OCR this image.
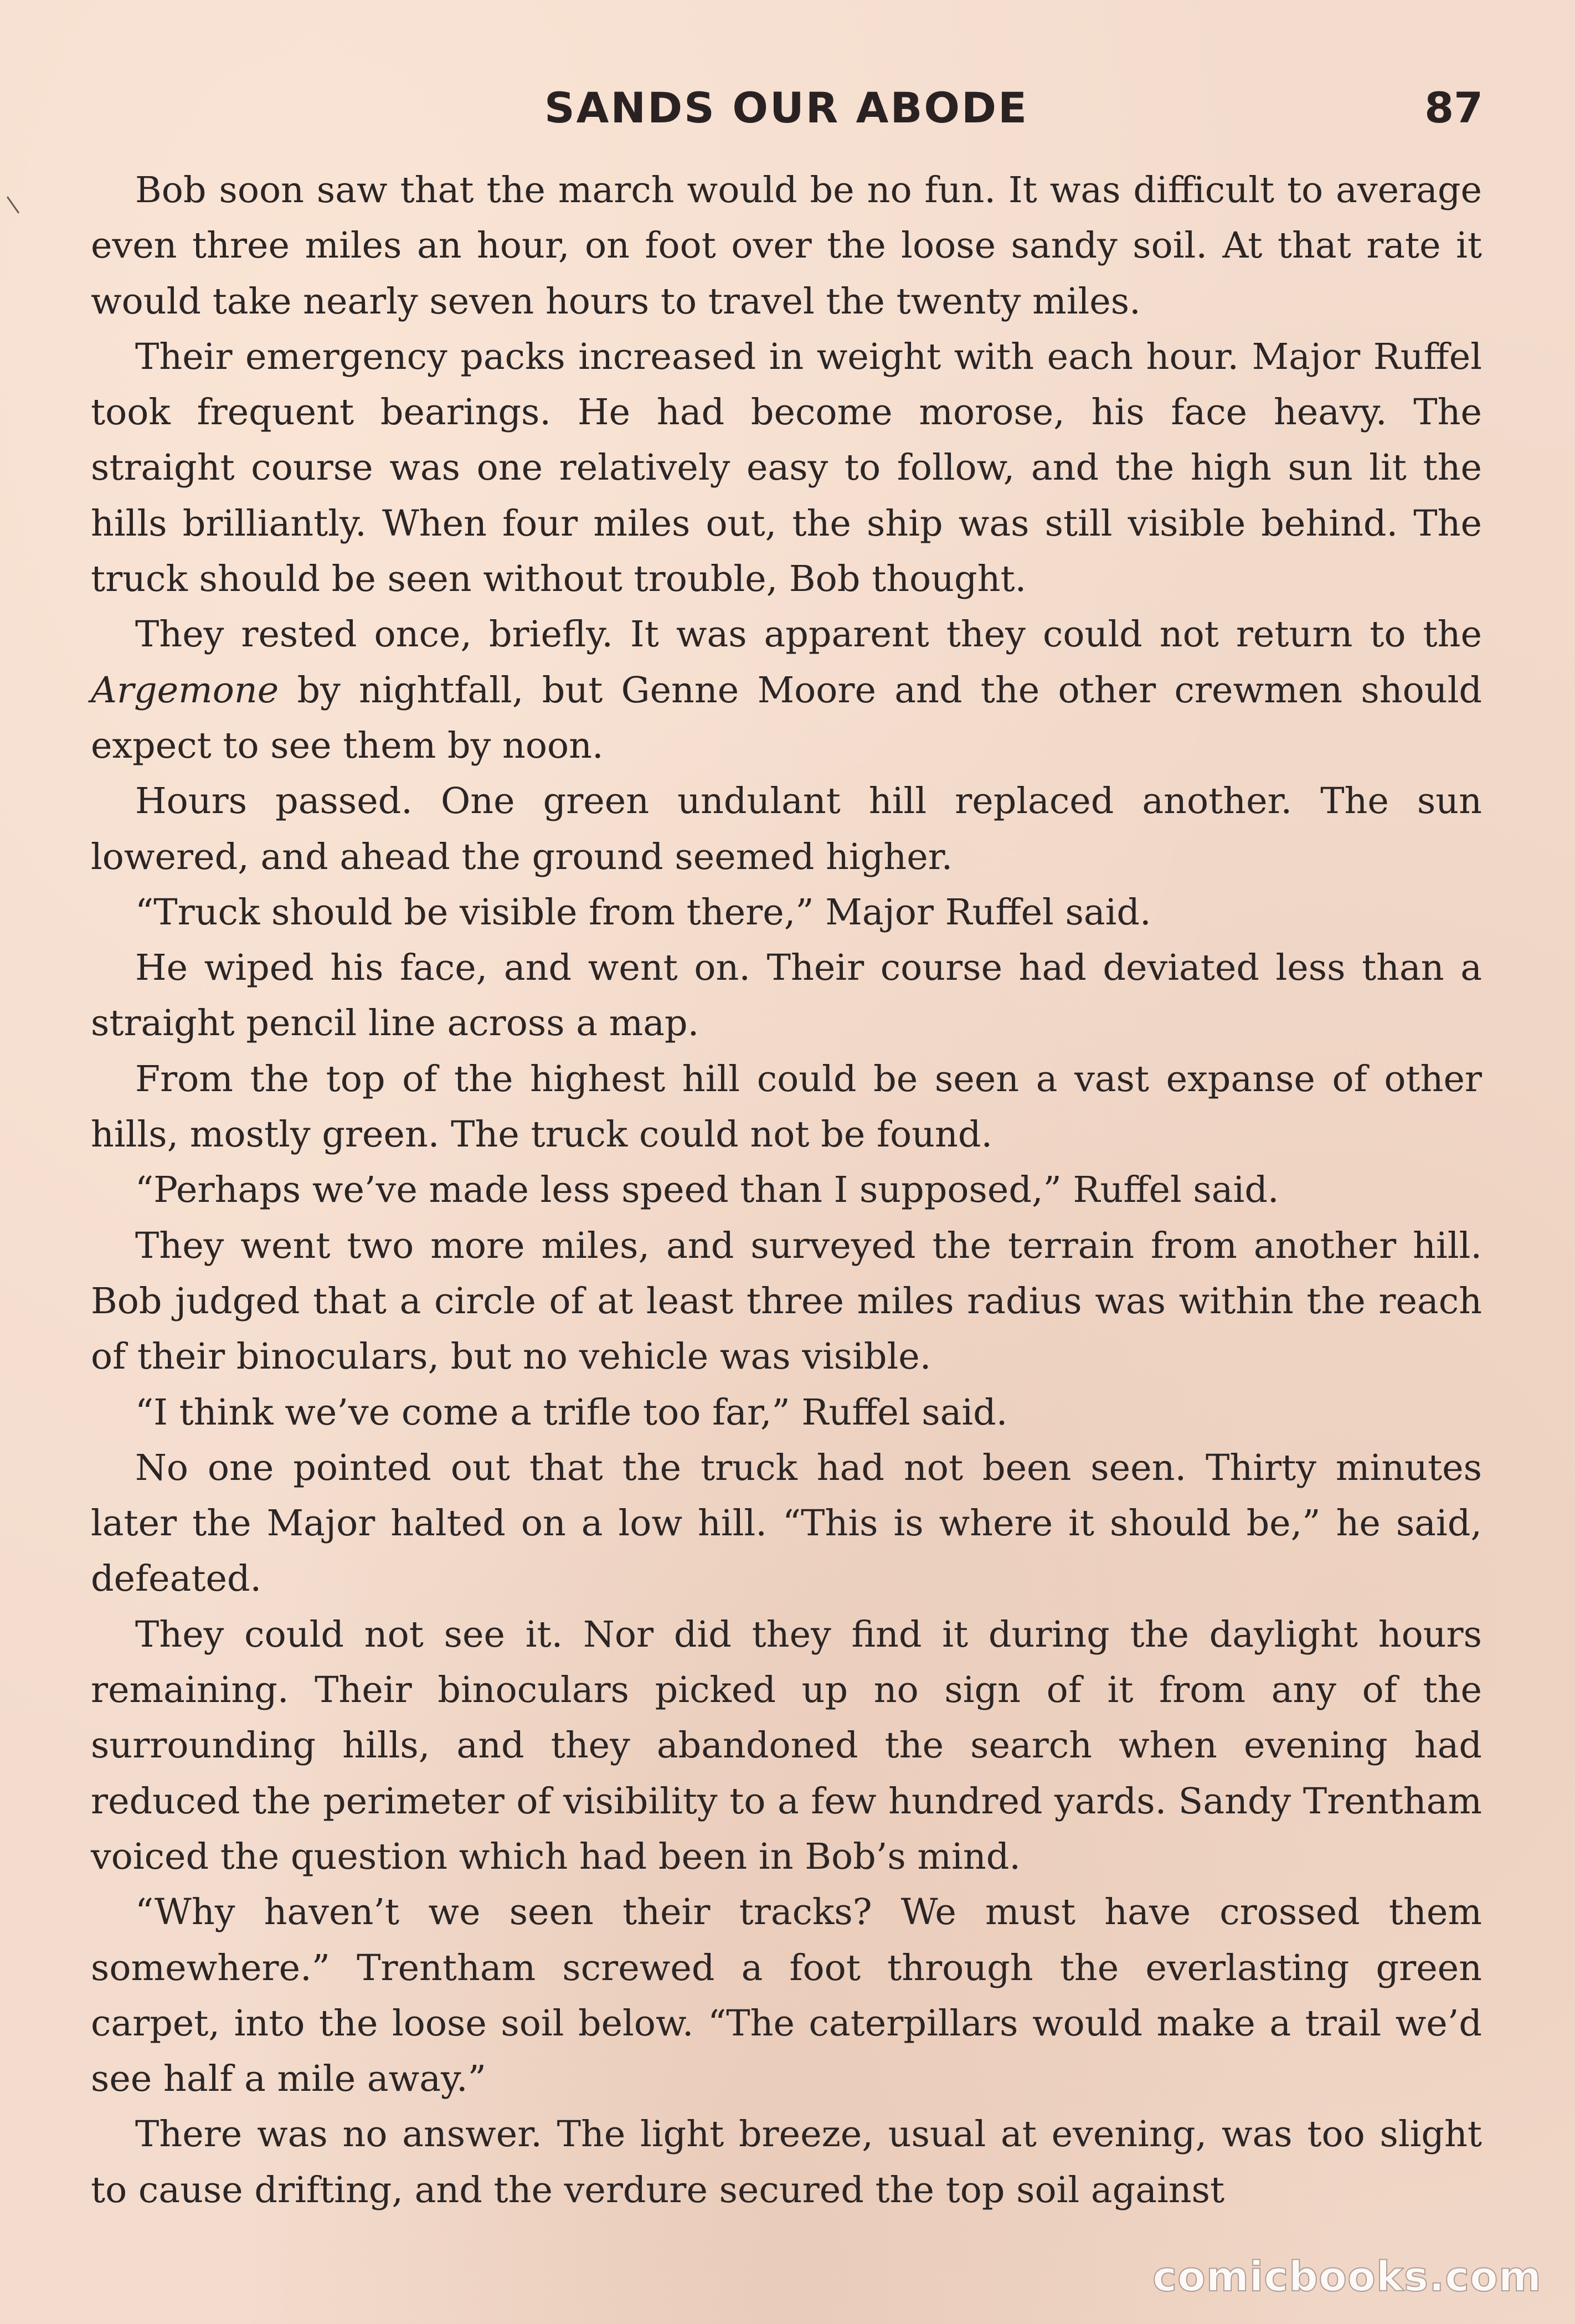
SANDS OUR ABODE	87

Bob soon saw that the march would be no fun. It was difficult to average even three miles an hour, on foot over the loose sandy soil. At that rate it would take nearly seven hours to travel the twenty miles.

Their emergency packs increased in weight with each hour. Major Ruffel took frequent bearings. He had become morose, his face heavy. The straight course was one relatively easy to follow, and the high sun lit the hills brilliantly. When four miles out, the ship was still visible behind. The truck should be seen without trouble, Bob thought.

They rested once, briefly. It was apparent they could not return to the Argemone by nightfall, but Genne Moore and the other crewmen should expect to see them by noon.

Hours passed. One green undulant hill replaced another. The sun lowered, and ahead the ground seemed higher.

“Truck should be visible from there,” Major Ruffel said.

He wiped his face, and went on. Their course had deviated less than a straight pencil line across a map.

From the top of the highest hill could be seen a vast expanse of other hills, mostly green. The truck could not be found.

“Perhaps we’ve made less speed than I supposed,” Ruffel said.

They went two more miles, and surveyed the terrain from another hill. Bob judged that a circle of at least three miles radius was within the reach of their binoculars, but no vehicle was visible.

“I think we’ve come a trifle too far,” Ruffel said.

No one pointed out that the truck had not been seen. Thirty minutes later the Major halted on a low hill. “This is where it should be,” he said, defeated.

They could not see it. Nor did they find it during the daylight hours remaining. Their binoculars picked up no sign of it from any of the surrounding hills, and they abandoned the search when evening had reduced the perimeter of visibility to a few hundred yards. Sandy Trentham voiced the question which had been in Bob’s mind.

“Why haven’t we seen their tracks? We must have crossed them somewhere.” Trentham screwed a foot through the everlasting green carpet, into the loose soil below. “The caterpillars would make a trail we’d see half a mile away.”

There was no answer. The light breeze, usual at evening, was too slight to cause drifting, and the verdure secured the top soil against

comicbooks.com
